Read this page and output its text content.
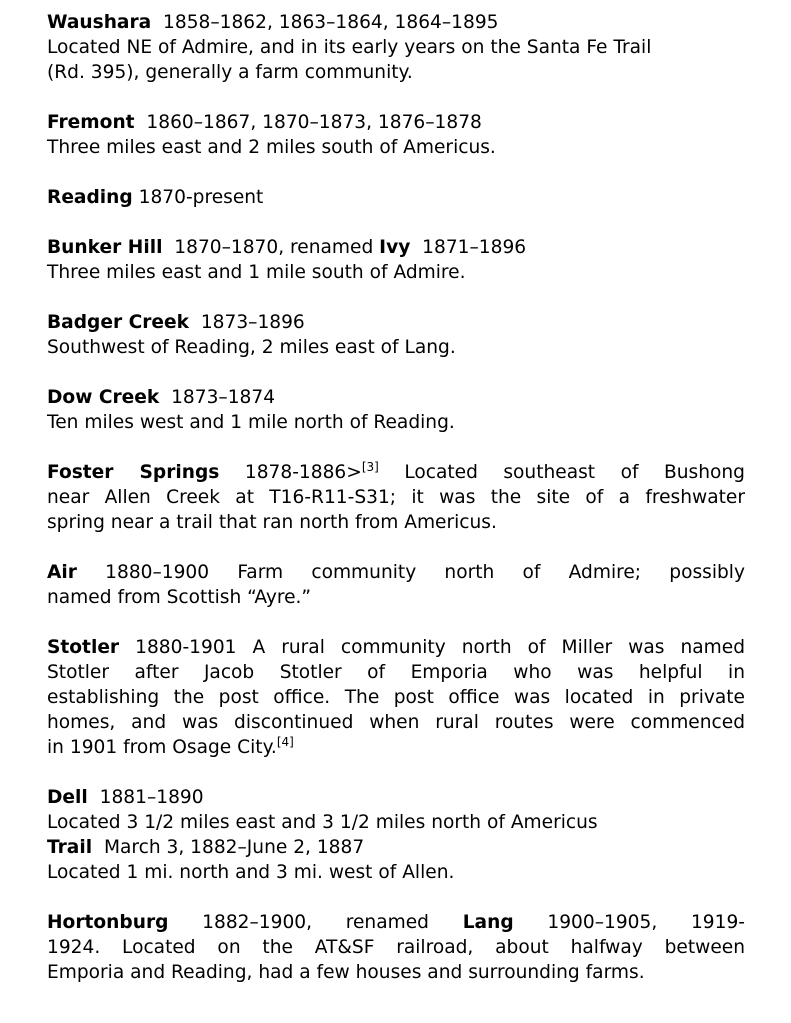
Waushara 1858–1862, 1863–1864, 1864–1895
Located NE of Admire, and in its early years on the Santa Fe Trail
(Rd. 395), generally a farm community.
Fremont 1860–1867, 1870–1873, 1876–1878
Three miles east and 2 miles south of Americus.
Reading 1870-present
Bunker Hill 1870–1870, renamed Ivy 1871–1896
Three miles east and 1 mile south of Admire.
Badger Creek 1873–1896
Southwest of Reading, 2 miles east of Lang.
Dow Creek 1873–1874
Ten miles west and 1 mile north of Reading.
Foster Springs 1878-1886>[3] Located southeast of Bushong
near Allen Creek at T16-R11-S31; it was the site of a freshwater
spring near a trail that ran north from Americus.
Air 1880–1900 Farm community north of Admire; possibly
named from Scottish “Ayre.”
Stotler 1880-1901 A rural community north of Miller was named
Stotler after Jacob Stotler of Emporia who was helpful in
establishing the post office. The post office was located in private
homes, and was discontinued when rural routes were commenced
in 1901 from Osage City.[4]
Dell 1881–1890
Located 3 1/2 miles east and 3 1/2 miles north of Americus
Trail March 3, 1882–June 2, 1887
Located 1 mi. north and 3 mi. west of Allen.
Hortonburg 1882–1900, renamed Lang 1900–1905, 1919-
1924. Located on the AT&SF railroad, about halfway between
Emporia and Reading, had a few houses and surrounding farms.
